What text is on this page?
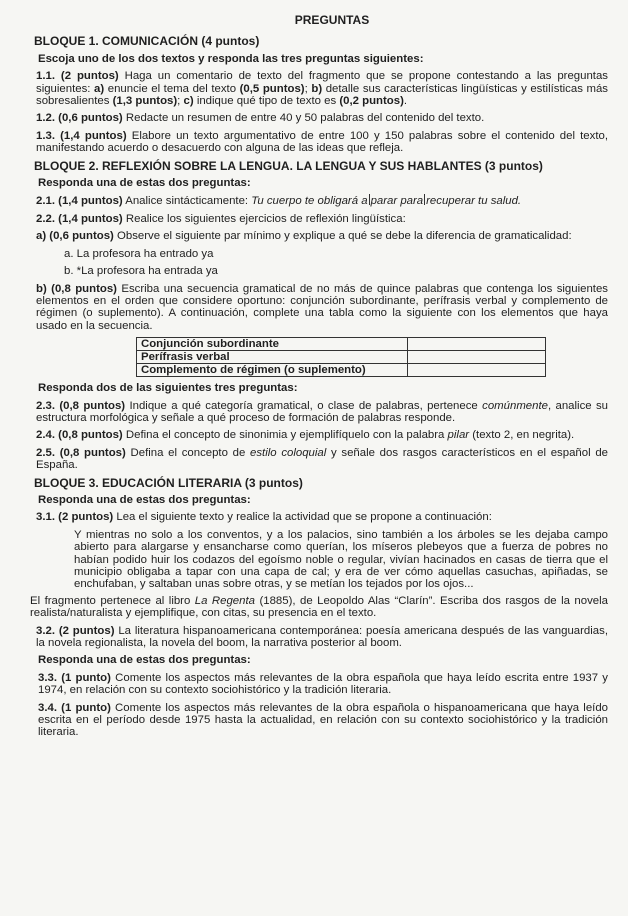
PREGUNTAS
BLOQUE 1. COMUNICACIÓN (4 puntos)
Escoja uno de los dos textos y responda las tres preguntas siguientes:
1.1. (2 puntos) Haga un comentario de texto del fragmento que se propone contestando a las preguntas siguientes: a) enuncie el tema del texto (0,5 puntos); b) detalle sus características lingüísticas y estilísticas más sobresalientes (1,3 puntos); c) indique qué tipo de texto es (0,2 puntos).
1.2. (0,6 puntos) Redacte un resumen de entre 40 y 50 palabras del contenido del texto.
1.3. (1,4 puntos) Elabore un texto argumentativo de entre 100 y 150 palabras sobre el contenido del texto, manifestando acuerdo o desacuerdo con alguna de las ideas que refleja.
BLOQUE 2. REFLEXIÓN SOBRE LA LENGUA. LA LENGUA Y SUS HABLANTES (3 puntos)
Responda una de estas dos preguntas:
2.1. (1,4 puntos) Analice sintácticamente: Tu cuerpo te obligará a parar para recuperar tu salud.
2.2. (1,4 puntos) Realice los siguientes ejercicios de reflexión lingüística:
a) (0,6 puntos) Observe el siguiente par mínimo y explique a qué se debe la diferencia de gramaticalidad:
a. La profesora ha entrado ya
b. *La profesora ha entrada ya
b) (0,8 puntos) Escriba una secuencia gramatical de no más de quince palabras que contenga los siguientes elementos en el orden que considere oportuno: conjunción subordinante, perífrasis verbal y complemento de régimen (o suplemento). A continuación, complete una tabla como la siguiente con los elementos que haya usado en la secuencia.
Conjunción subordinante	
Perífrasis verbal	
Complemento de régimen (o suplemento)	
Responda dos de las siguientes tres preguntas:
2.3. (0,8 puntos) Indique a qué categoría gramatical, o clase de palabras, pertenece comúnmente, analice su estructura morfológica y señale a qué proceso de formación de palabras responde.
2.4. (0,8 puntos) Defina el concepto de sinonimia y ejemplifíquelo con la palabra pilar (texto 2, en negrita).
2.5. (0,8 puntos) Defina el concepto de estilo coloquial y señale dos rasgos característicos en el español de España.
BLOQUE 3. EDUCACIÓN LITERARIA (3 puntos)
Responda una de estas dos preguntas:
3.1. (2 puntos) Lea el siguiente texto y realice la actividad que se propone a continuación:
Y mientras no solo a los conventos, y a los palacios, sino también a los árboles se les dejaba campo abierto para alargarse y ensancharse como querían, los míseros plebeyos que a fuerza de pobres no habían podido huir los codazos del egoísmo noble o regular, vivían hacinados en casas de tierra que el municipio obligaba a tapar con una capa de cal; y era de ver cómo aquellas casuchas, apiñadas, se enchufaban, y saltaban unas sobre otras, y se metían los tejados por los ojos...
El fragmento pertenece al libro La Regenta (1885), de Leopoldo Alas “Clarín”. Escriba dos rasgos de la novela realista/naturalista y ejemplifique, con citas, su presencia en el texto.
3.2. (2 puntos) La literatura hispanoamericana contemporánea: poesía americana después de las vanguardias, la novela regionalista, la novela del boom, la narrativa posterior al boom.
Responda una de estas dos preguntas:
3.3. (1 punto) Comente los aspectos más relevantes de la obra española que haya leído escrita entre 1937 y 1974, en relación con su contexto sociohistórico y la tradición literaria.
3.4. (1 punto) Comente los aspectos más relevantes de la obra española o hispanoamericana que haya leído escrita en el período desde 1975 hasta la actualidad, en relación con su contexto sociohistórico y la tradición literaria.
